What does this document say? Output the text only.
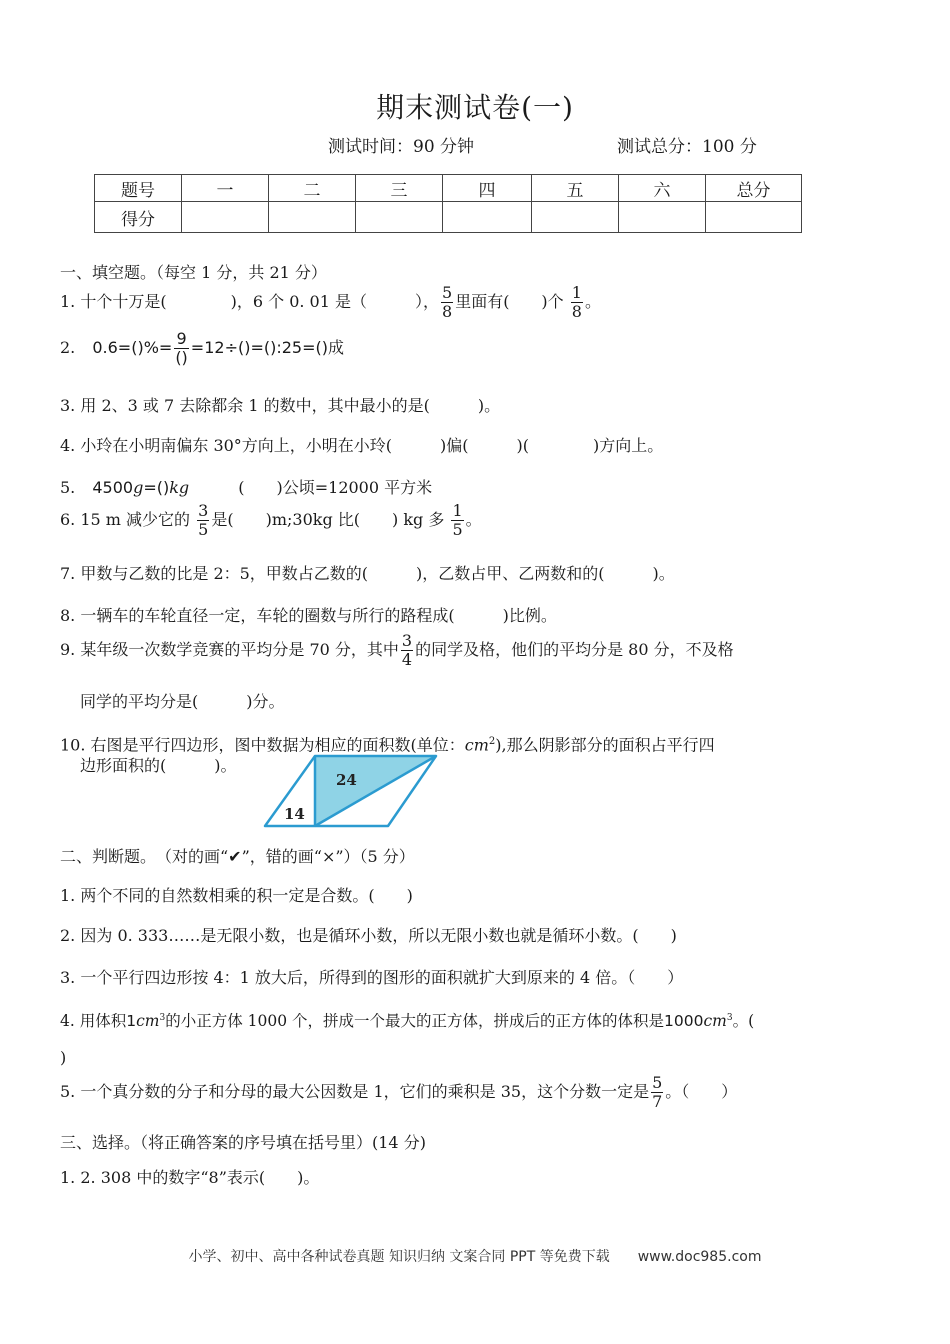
期末测试卷(一)
测试时间：90 分钟	测试总分：100 分
题号	一	二	三	四	五	六	总分
得分							
一、填空题。（每空 1 分，共 21 分）
1. 十个十万是(　　　　)，6 个 0. 01 是（　　　）， $\frac{5}{8}$ 里面有(　　)个 $\frac{1}{8}$ 。
2. $0.6=()\%= \frac{9}{()}$ =12÷()=():25=()成
3. 用 2、3 或 7 去除都余 1 的数中，其中最小的是(　　　)。
4. 小玲在小明南偏东 30°方向上，小明在小玲(　　　)偏(　　　)(　　　　)方向上。
5. 4500g=()kg	(　　)公顷=12000 平方米
6. 15 m 减少它的 $\frac{3}{5}$ 是(　　)m;30kg 比(　　) kg 多 $\frac{1}{5}$ 。
7. 甲数与乙数的比是 2：5，甲数占乙数的(　　　)，乙数占甲、乙两数和的(　　　)。
8. 一辆车的车轮直径一定，车轮的圈数与所行的路程成(　　　)比例。
9. 某年级一次数学竞赛的平均分是 70 分，其中 $\frac{3}{4}$ 的同学及格，他们的平均分是 80 分，不及格
同学的平均分是(　　　)分。
10. 右图是平行四边形，图中数据为相应的面积数(单位：$cm^2$),那么阴影部分的面积占平行四
边形面积的(　　　)。
24
14
二、判断题。　（对的画“✔”，错的画“×”）（5 分）
1. 两个不同的自然数相乘的积一定是合数。(　　)
2. 因为 0. 333……是无限小数，也是循环小数，所以无限小数也就是循环小数。(　　)
3. 一个平行四边形按 4：1 放大后，所得到的图形的面积就扩大到原来的 4 倍。（　　）
4. 用体积$1cm^3$的小正方体 1000 个，拼成一个最大的正方体，拼成后的正方体的体积是$1000cm^3$。(
)
5. 一个真分数的分子和分母的最大公因数是 1，它们的乘积是 35，这个分数一定是 $\frac{5}{7}$ 。（　　）
三、选择。（将正确答案的序号填在括号里）(14 分)
1. 2. 308 中的数字“8”表示(　　)。
小学、初中、高中各种试卷真题 知识归纳 文案合同 PPT 等免费下载　　www.doc985.com
